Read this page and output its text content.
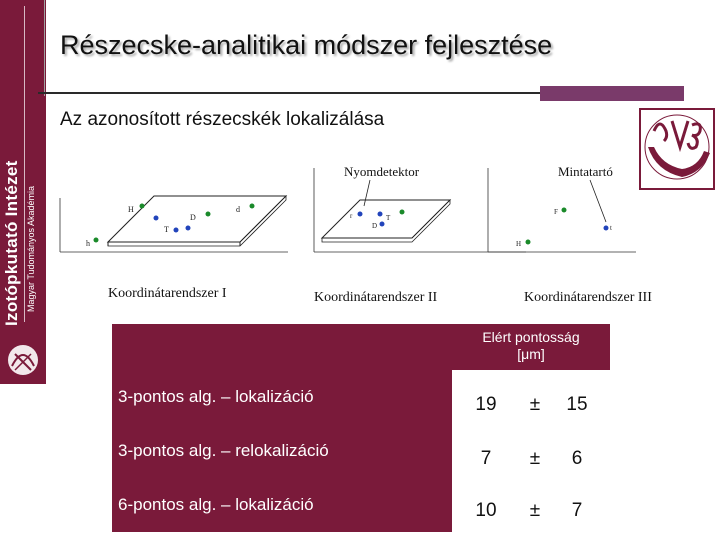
Izotópkutató Intézet Magyar Tudományos Akadémia
Részecske-analitikai módszer fejlesztése
Az azonosított részecskék lokalizálása
H
D
d
T
h
Nyomdetektor
r	T
D
Mintatartó
F
H
t
Koordinátarendszer I	Koordinátarendszer II	Koordinátarendszer III
Elért pontosság
[μm]
3-pontos alg. – lokalizáció	19	±	15
3-pontos alg. – relokalizáció	7	±	6
6-pontos alg. – lokalizáció	10	±	7
